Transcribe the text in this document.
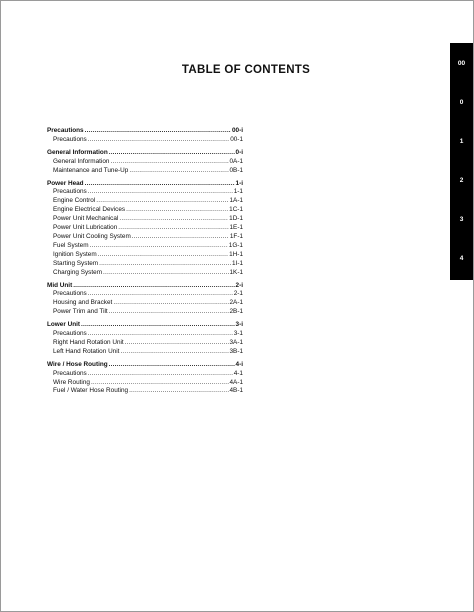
TABLE OF CONTENTS
Precautions .....	00-i
Precautions .....	00-1
General Information .....	0-i
General Information .....	0A-1
Maintenance and Tune-Up .....	0B-1
Power Head .....	1-i
Precautions .....	1-1
Engine Control .....	1A-1
Engine Electrical Devices .....	1C-1
Power Unit Mechanical .....	1D-1
Power Unit Lubrication .....	1E-1
Power Unit Cooling System .....	1F-1
Fuel System .....	1G-1
Ignition System .....	1H-1
Starting System .....	1I-1
Charging System .....	1K-1
Mid Unit .....	2-i
Precautions .....	2-1
Housing and Bracket .....	2A-1
Power Trim and Tilt .....	2B-1
Lower Unit .....	3-i
Precautions .....	3-1
Right Hand Rotation Unit .....	3A-1
Left Hand Rotation Unit .....	3B-1
Wire / Hose Routing .....	4-i
Precautions .....	4-1
Wire Routing .....	4A-1
Fuel / Water Hose Routing .....	4B-1
00
0
1
2
3
4
